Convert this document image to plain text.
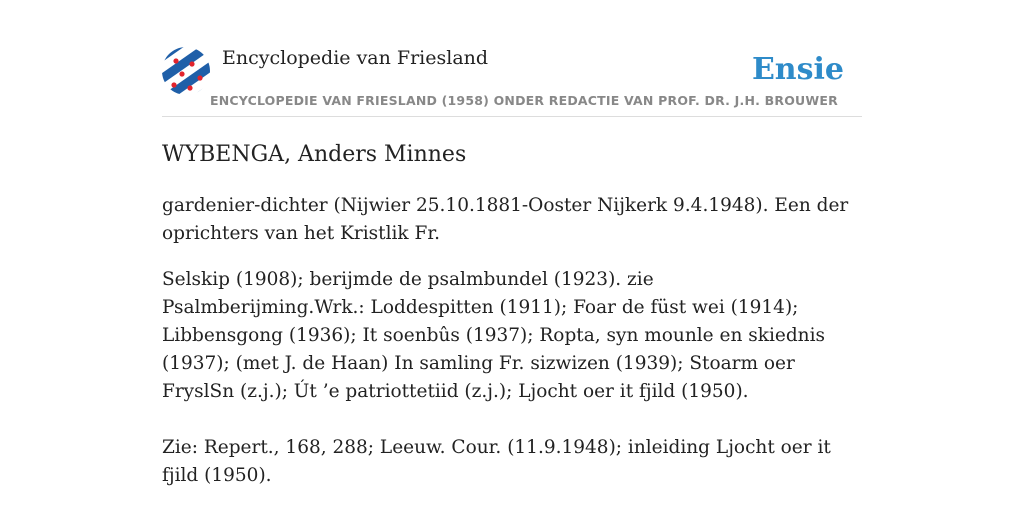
Encyclopedie van Friesland	Ensie
ENCYCLOPEDIE VAN FRIESLAND (1958) ONDER REDACTIE VAN PROF. DR. J.H. BROUWER
WYBENGA, Anders Minnes

gardenier-dichter (Nijwier 25.10.1881-Ooster Nijkerk 9.4.1948). Een der oprichters van het Kristlik Fr.

Selskip (1908); berijmde de psalmbundel (1923). zie Psalmberijming.Wrk.: Loddespitten (1911); Foar de füst wei (1914); Libbensgong (1936); It soenbûs (1937); Ropta, syn mounle en skiednis (1937); (met J. de Haan) In samling Fr. sizwizen (1939); Stoarm oer FryslSn (z.j.); Út ’e patriottetiid (z.j.); Ljocht oer it fjild (1950).

Zie: Repert., 168, 288; Leeuw. Cour. (11.9.1948); inleiding Ljocht oer it fjild (1950).
